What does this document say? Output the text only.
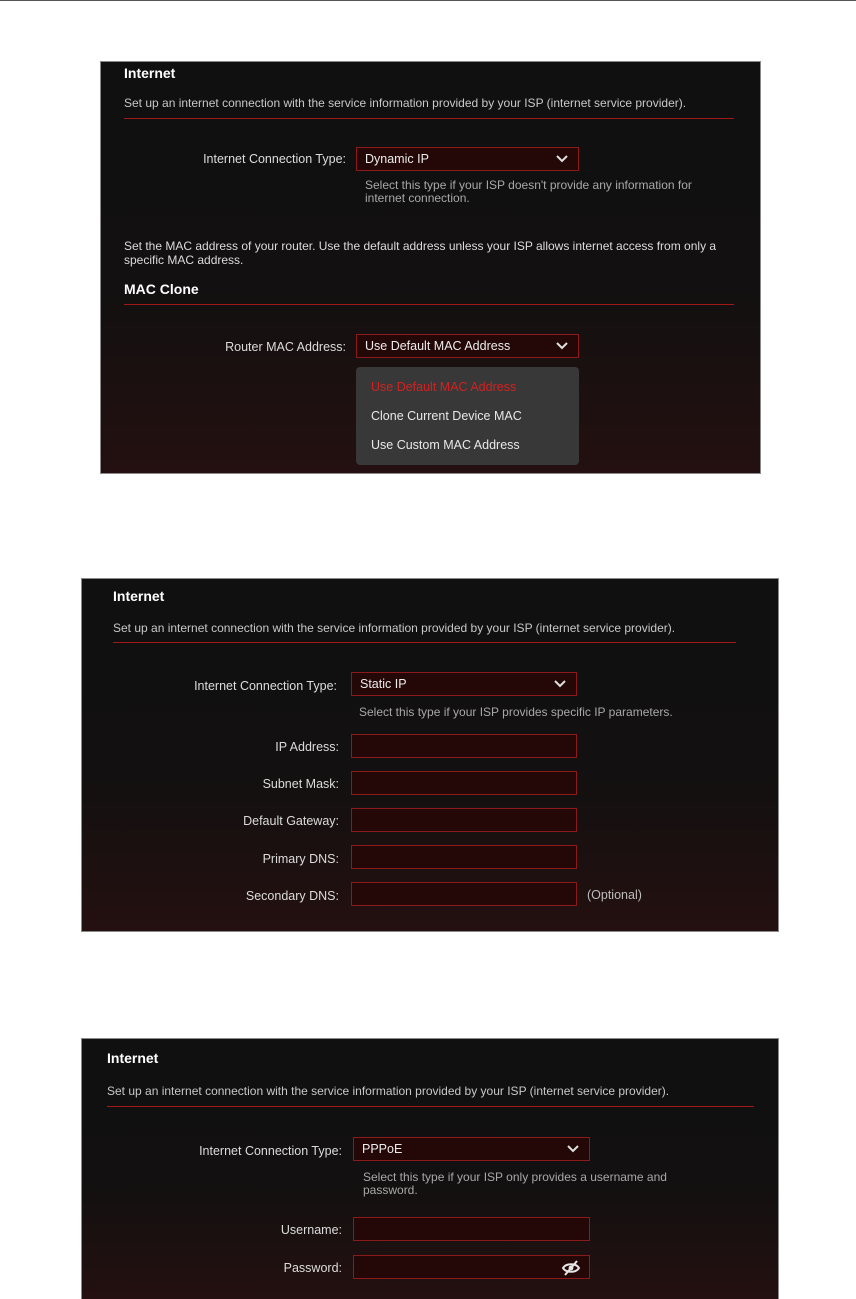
Internet
Set up an internet connection with the service information provided by your ISP (internet service provider).
Internet Connection Type:	Dynamic IP
Select this type if your ISP doesn't provide any information for internet connection.
Set the MAC address of your router. Use the default address unless your ISP allows internet access from only a specific MAC address.
MAC Clone
Router MAC Address:	Use Default MAC Address
Use Default MAC Address
Clone Current Device MAC
Use Custom MAC Address
Internet
Set up an internet connection with the service information provided by your ISP (internet service provider).
Internet Connection Type:	Static IP
Select this type if your ISP provides specific IP parameters.
IP Address:
Subnet Mask:
Default Gateway:
Primary DNS:
Secondary DNS:	(Optional)
Internet
Set up an internet connection with the service information provided by your ISP (internet service provider).
Internet Connection Type:	PPPoE
Select this type if your ISP only provides a username and password.
Username:
Password:
